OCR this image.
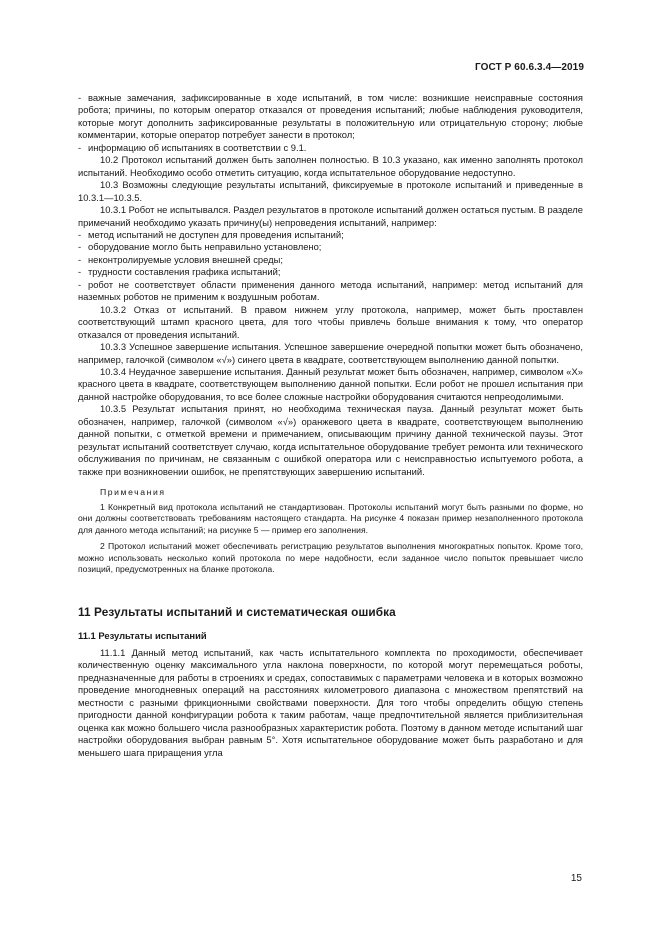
ГОСТ Р 60.6.3.4—2019

- важные замечания, зафиксированные в ходе испытаний, в том числе: возникшие неисправные состояния робота; причины, по которым оператор отказался от проведения испытаний; любые наблюдения руководителя, которые могут дополнить зафиксированные результаты в положительную или отрицательную сторону; любые комментарии, которые оператор потребует занести в протокол;

- информацию об испытаниях в соответствии с 9.1.

10.2 Протокол испытаний должен быть заполнен полностью. В 10.3 указано, как именно заполнять протокол испытаний. Необходимо особо отметить ситуацию, когда испытательное оборудование недоступно.

10.3 Возможны следующие результаты испытаний, фиксируемые в протоколе испытаний и приведенные в 10.3.1—10.3.5.

10.3.1 Робот не испытывался. Раздел результатов в протоколе испытаний должен остаться пустым. В разделе примечаний необходимо указать причину(ы) непроведения испытаний, например:

- метод испытаний не доступен для проведения испытаний;

- оборудование могло быть неправильно установлено;

- неконтролируемые условия внешней среды;

- трудности составления графика испытаний;

- робот не соответствует области применения данного метода испытаний, например: метод испытаний для наземных роботов не применим к воздушным роботам.

10.3.2 Отказ от испытаний. В правом нижнем углу протокола, например, может быть проставлен соответствующий штамп красного цвета, для того чтобы привлечь больше внимания к тому, что оператор отказался от проведения испытаний.

10.3.3 Успешное завершение испытания. Успешное завершение очередной попытки может быть обозначено, например, галочкой (символом «√») синего цвета в квадрате, соответствующем выполнению данной попытки.

10.3.4 Неудачное завершение испытания. Данный результат может быть обозначен, например, символом «X» красного цвета в квадрате, соответствующем выполнению данной попытки. Если робот не прошел испытания при данной настройке оборудования, то все более сложные настройки оборудования считаются непреодолимыми.

10.3.5 Результат испытания принят, но необходима техническая пауза. Данный результат может быть обозначен, например, галочкой (символом «√») оранжевого цвета в квадрате, соответствующем выполнению данной попытки, с отметкой времени и примечанием, описывающим причину данной технической паузы. Этот результат испытаний соответствует случаю, когда испытательное оборудование требует ремонта или технического обслуживания по причинам, не связанным с ошибкой оператора или с неисправностью испытуемого робота, а также при возникновении ошибок, не препятствующих завершению испытаний.

Примечания

1 Конкретный вид протокола испытаний не стандартизован. Протоколы испытаний могут быть разными по форме, но они должны соответствовать требованиям настоящего стандарта. На рисунке 4 показан пример незаполненного протокола для данного метода испытаний; на рисунке 5 — пример его заполнения.

2 Протокол испытаний может обеспечивать регистрацию результатов выполнения многократных попыток. Кроме того, можно использовать несколько копий протокола по мере надобности, если заданное число попыток превышает число позиций, предусмотренных на бланке протокола.

11 Результаты испытаний и систематическая ошибка

11.1 Результаты испытаний

11.1.1 Данный метод испытаний, как часть испытательного комплекта по проходимости, обеспечивает количественную оценку максимального угла наклона поверхности, по которой могут перемещаться роботы, предназначенные для работы в строениях и средах, сопоставимых с параметрами человека и в которых возможно проведение многодневных операций на расстояниях километрового диапазона с множеством препятствий на местности с разными фрикционными свойствами поверхности. Для того чтобы определить общую степень пригодности данной конфигурации робота к таким работам, чаще предпочтительной является приблизительная оценка как можно большего числа разнообразных характеристик робота. Поэтому в данном методе испытаний шаг настройки оборудования выбран равным 5°. Хотя испытательное оборудование может быть разработано и для меньшего шага приращения угла

15
